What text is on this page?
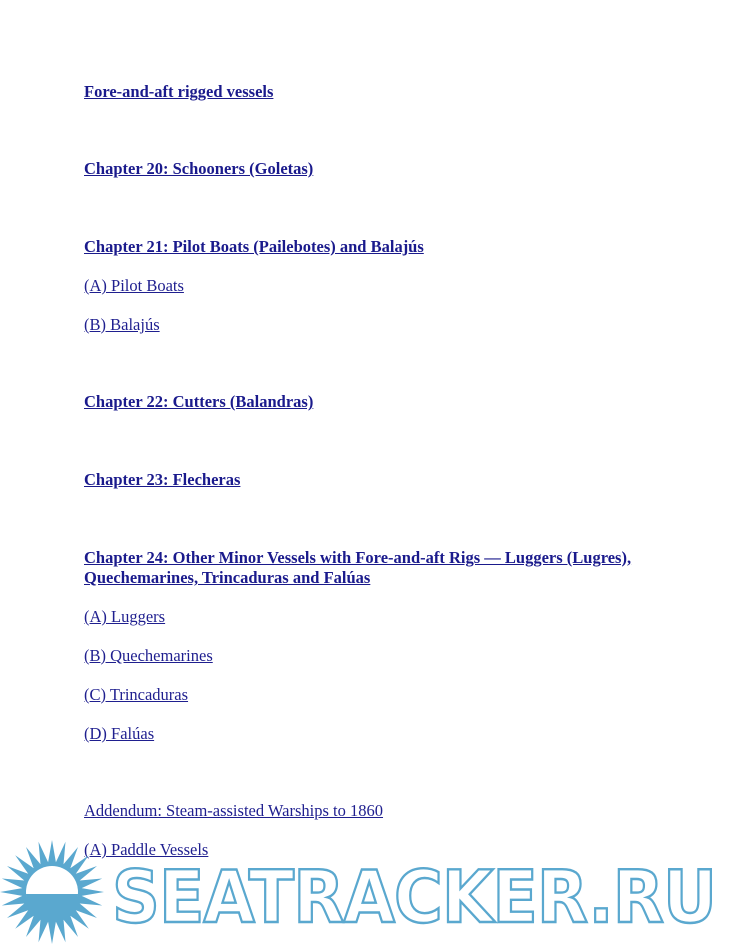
Fore-and-aft rigged vessels
Chapter 20: Schooners (Goletas)
Chapter 21: Pilot Boats (Pailebotes) and Balajús
(A) Pilot Boats
(B) Balajús
Chapter 22: Cutters (Balandras)
Chapter 23: Flecheras
Chapter 24: Other Minor Vessels with Fore-and-aft Rigs — Luggers (Lugres), Quechemarines, Trincaduras and Falúas
(A) Luggers
(B) Quechemarines
(C) Trincaduras
(D) Falúas
Addendum: Steam-assisted Warships to 1860
(A) Paddle Vessels
SEATRACKER.RU
